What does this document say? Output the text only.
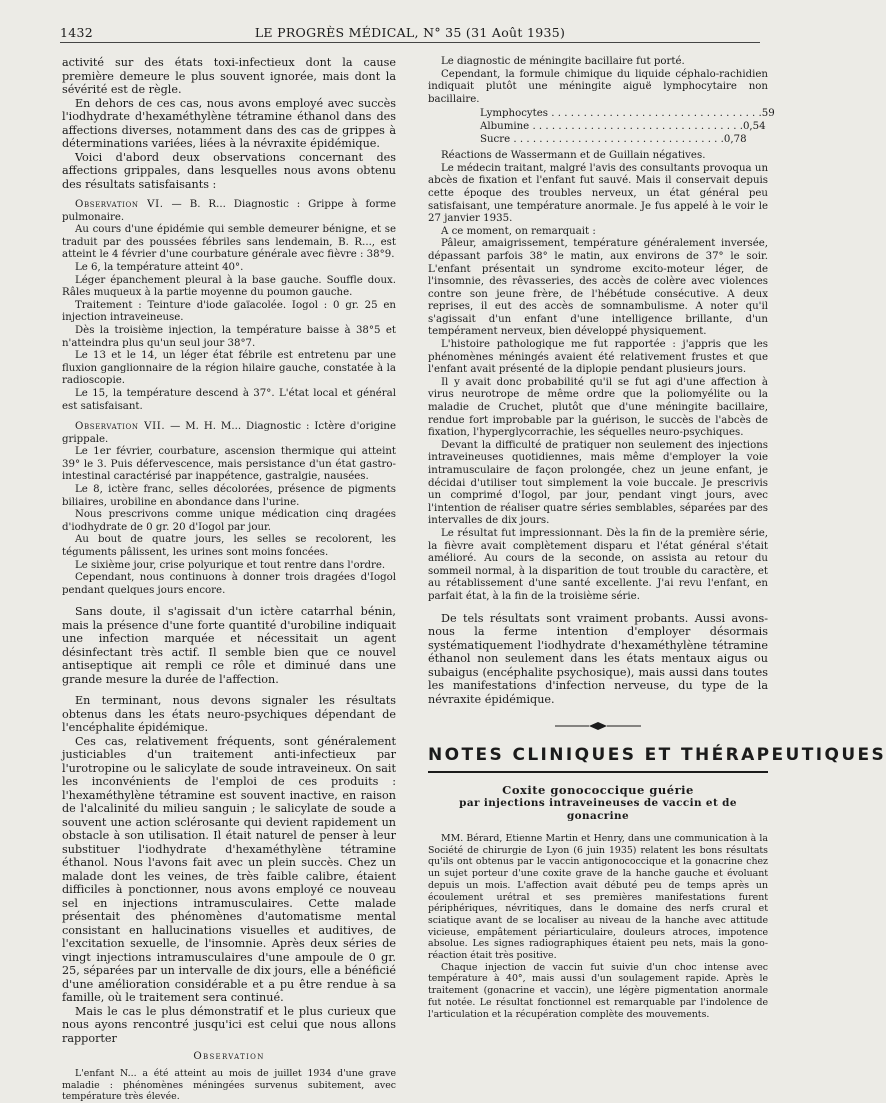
1432	LE PROGRÈS MÉDICAL, N° 35 (31 Août 1935)

activité sur des états toxi-infectieux dont la cause première demeure le plus souvent ignorée, mais dont la sévérité est de règle.

En dehors de ces cas, nous avons employé avec succès l'iodhydrate d'hexaméthylène tétramine éthanol dans des affections diverses, notamment dans des cas de grippes à déterminations variées, liées à la névraxite épidémique.

Voici d'abord deux observations concernant des affections grippales, dans lesquelles nous avons obtenu des résultats satisfaisants :

Observation VI. — B. R... Diagnostic : Grippe à forme pulmonaire.

Au cours d'une épidémie qui semble demeurer bénigne, et se traduit par des poussées fébriles sans lendemain, B. R..., est atteint le 4 février d'une courbature générale avec fièvre : 38°9.

Le 6, la température atteint 40°.

Léger épanchement pleural à la base gauche. Souffle doux. Râles muqueux à la partie moyenne du poumon gauche.

Traitement : Teinture d'iode gaïacolée. Iogol : 0 gr. 25 en injection intraveineuse.

Dès la troisième injection, la température baisse à 38°5 et n'atteindra plus qu'un seul jour 38°7.

Le 13 et le 14, un léger état fébrile est entretenu par une fluxion ganglionnaire de la région hilaire gauche, constatée à la radioscopie.

Le 15, la température descend à 37°. L'état local et général est satisfaisant.

Observation VII. — M. H. M... Diagnostic : Ictère d'origine grippale.

Le 1er février, courbature, ascension thermique qui atteint 39° le 3. Puis défervescence, mais persistance d'un état gastro-intestinal caractérisé par inappétence, gastralgie, nausées.

Le 8, ictère franc, selles décolorées, présence de pigments biliaires, urobiline en abondance dans l'urine.

Nous prescrivons comme unique médication cinq dragées d'iodhydrate de 0 gr. 20 d'Iogol par jour.

Au bout de quatre jours, les selles se recolorent, les téguments pâlissent, les urines sont moins foncées.

Le sixième jour, crise polyurique et tout rentre dans l'ordre.

Cependant, nous continuons à donner trois dragées d'Iogol pendant quelques jours encore.

Sans doute, il s'agissait d'un ictère catarrhal bénin, mais la présence d'une forte quantité d'urobiline indiquait une infection marquée et nécessitait un agent désinfectant très actif. Il semble bien que ce nouvel antiseptique ait rempli ce rôle et diminué dans une grande mesure la durée de l'affection.

En terminant, nous devons signaler les résultats obtenus dans les états neuro-psychiques dépendant de l'encéphalite épidémique.

Ces cas, relativement fréquents, sont généralement justiciables d'un traitement anti-infectieux par l'urotropine ou le salicylate de soude intraveineux. On sait les inconvénients de l'emploi de ces produits : l'hexaméthylène tétramine est souvent inactive, en raison de l'alcalinité du milieu sanguin ; le salicylate de soude a souvent une action sclérosante qui devient rapidement un obstacle à son utilisation. Il était naturel de penser à leur substituer l'iodhydrate d'hexaméthylène tétramine éthanol. Nous l'avons fait avec un plein succès. Chez un malade dont les veines, de très faible calibre, étaient difficiles à ponctionner, nous avons employé ce nouveau sel en injections intramusculaires. Cette malade présentait des phénomènes d'automatisme mental consistant en hallucinations visuelles et auditives, de l'excitation sexuelle, de l'insomnie. Après deux séries de vingt injections intramusculaires d'une ampoule de 0 gr. 25, séparées par un intervalle de dix jours, elle a bénéficié d'une amélioration considérable et a pu être rendue à sa famille, où le traitement sera continué.

Mais le cas le plus démonstratif et le plus curieux que nous ayons rencontré jusqu'ici est celui que nous allons rapporter

Observation

L'enfant N... a été atteint au mois de juillet 1934 d'une grave maladie : phénomènes méningées survenus subitement, avec température très élevée.

Le diagnostic de méningite bacillaire fut porté.

Cependant, la formule chimique du liquide céphalo-rachidien indiquait plutôt une méningite aiguë lymphocytaire non bacillaire.

Lymphocytes . . .	59
Albumine . . .	0,54
Sucre . . .	0,78

Réactions de Wassermann et de Guillain négatives.

Le médecin traitant, malgré l'avis des consultants provoqua un abcès de fixation et l'enfant fut sauvé. Mais il conservait depuis cette époque des troubles nerveux, un état général peu satisfaisant, une température anormale. Je fus appelé à le voir le 27 janvier 1935.

A ce moment, on remarquait :

Pâleur, amaigrissement, température généralement inversée, dépassant parfois 38° le matin, aux environs de 37° le soir. L'enfant présentait un syndrome excito-moteur léger, de l'insomnie, des rêvasseries, des accès de colère avec violences contre son jeune frère, de l'hébétude consécutive. A deux reprises, il eut des accès de somnambulisme. A noter qu'il s'agissait d'un enfant d'une intelligence brillante, d'un tempérament nerveux, bien développé physiquement.

L'histoire pathologique me fut rapportée : j'appris que les phénomènes méningés avaient été relativement frustes et que l'enfant avait présenté de la diplopie pendant plusieurs jours.

Il y avait donc probabilité qu'il se fut agi d'une affection à virus neurotrope de même ordre que la poliomyélite ou la maladie de Cruchet, plutôt que d'une méningite bacillaire, rendue fort improbable par la guérison, le succès de l'abcès de fixation, l'hyperglycorrachie, les séquelles neuro-psychiques.

Devant la difficulté de pratiquer non seulement des injections intraveineuses quotidiennes, mais même d'employer la voie intramusculaire de façon prolongée, chez un jeune enfant, je décidai d'utiliser tout simplement la voie buccale. Je prescrivis un comprimé d'Iogol, par jour, pendant vingt jours, avec l'intention de réaliser quatre séries semblables, séparées par des intervalles de dix jours.

Le résultat fut impressionnant. Dès la fin de la première série, la fièvre avait complètement disparu et l'état général s'était amélioré. Au cours de la seconde, on assista au retour du sommeil normal, à la disparition de tout trouble du caractère, et au rétablissement d'une santé excellente. J'ai revu l'enfant, en parfait état, à la fin de la troisième série.

De tels résultats sont vraiment probants. Aussi avons-nous la ferme intention d'employer désormais systématiquement l'iodhydrate d'hexaméthylène tétramine éthanol non seulement dans les états mentaux aigus ou subaigus (encéphalite psychosique), mais aussi dans toutes les manifestations d'infection nerveuse, du type de la névraxite épidémique.

NOTES CLINIQUES ET THÉRAPEUTIQUES
Coxite gonococcique guérie
par injections intraveineuses de vaccin et de gonacrine

MM. Bérard, Etienne Martin et Henry, dans une communication à la Société de chirurgie de Lyon (6 juin 1935) relatent les bons résultats qu'ils ont obtenus par le vaccin antigonococcique et la gonacrine chez un sujet porteur d'une coxite grave de la hanche gauche et évoluant depuis un mois. L'affection avait débuté peu de temps après un écoulement urétral et ses premières manifestations furent périphériques, névritiques, dans le domaine des nerfs crural et sciatique avant de se localiser au niveau de la hanche avec attitude vicieuse, empâtement périarticulaire, douleurs atroces, impotence absolue. Les signes radiographiques étaient peu nets, mais la gono-réaction était très positive.

Chaque injection de vaccin fut suivie d'un choc intense avec température à 40°, mais aussi d'un soulagement rapide. Après le traitement (gonacrine et vaccin), une légère pigmentation anormale fut notée. Le résultat fonctionnel est remarquable par l'indolence de l'articulation et la récupération complète des mouvements.
